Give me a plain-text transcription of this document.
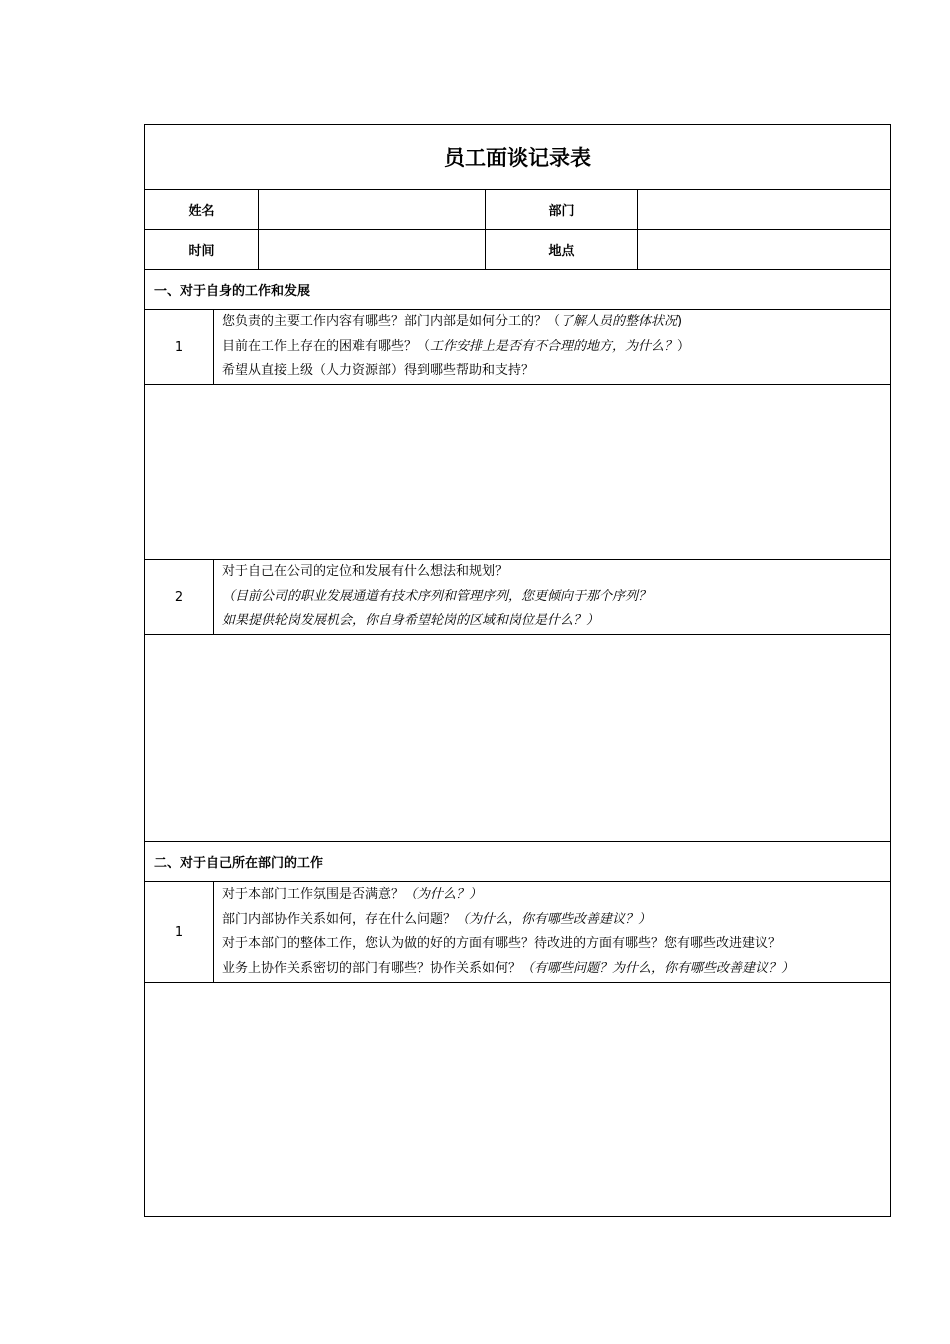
员工面谈记录表
姓名	部门
时间	地点
一、对于自身的工作和发展
1
您负责的主要工作内容有哪些？部门内部是如何分工的？（了解人员的整体状况)
目前在工作上存在的困难有哪些？（工作安排上是否有不合理的地方，为什么？）
希望从直接上级（人力资源部）得到哪些帮助和支持？
2
对于自己在公司的定位和发展有什么想法和规划？
（目前公司的职业发展通道有技术序列和管理序列，您更倾向于那个序列？
如果提供轮岗发展机会，你自身希望轮岗的区域和岗位是什么？）
二、对于自己所在部门的工作
1
对于本部门工作氛围是否满意？（为什么？）
部门内部协作关系如何，存在什么问题？（为什么，你有哪些改善建议？）
对于本部门的整体工作，您认为做的好的方面有哪些？待改进的方面有哪些？您有哪些改进建议？
业务上协作关系密切的部门有哪些？协作关系如何？（有哪些问题？为什么，你有哪些改善建议？）
